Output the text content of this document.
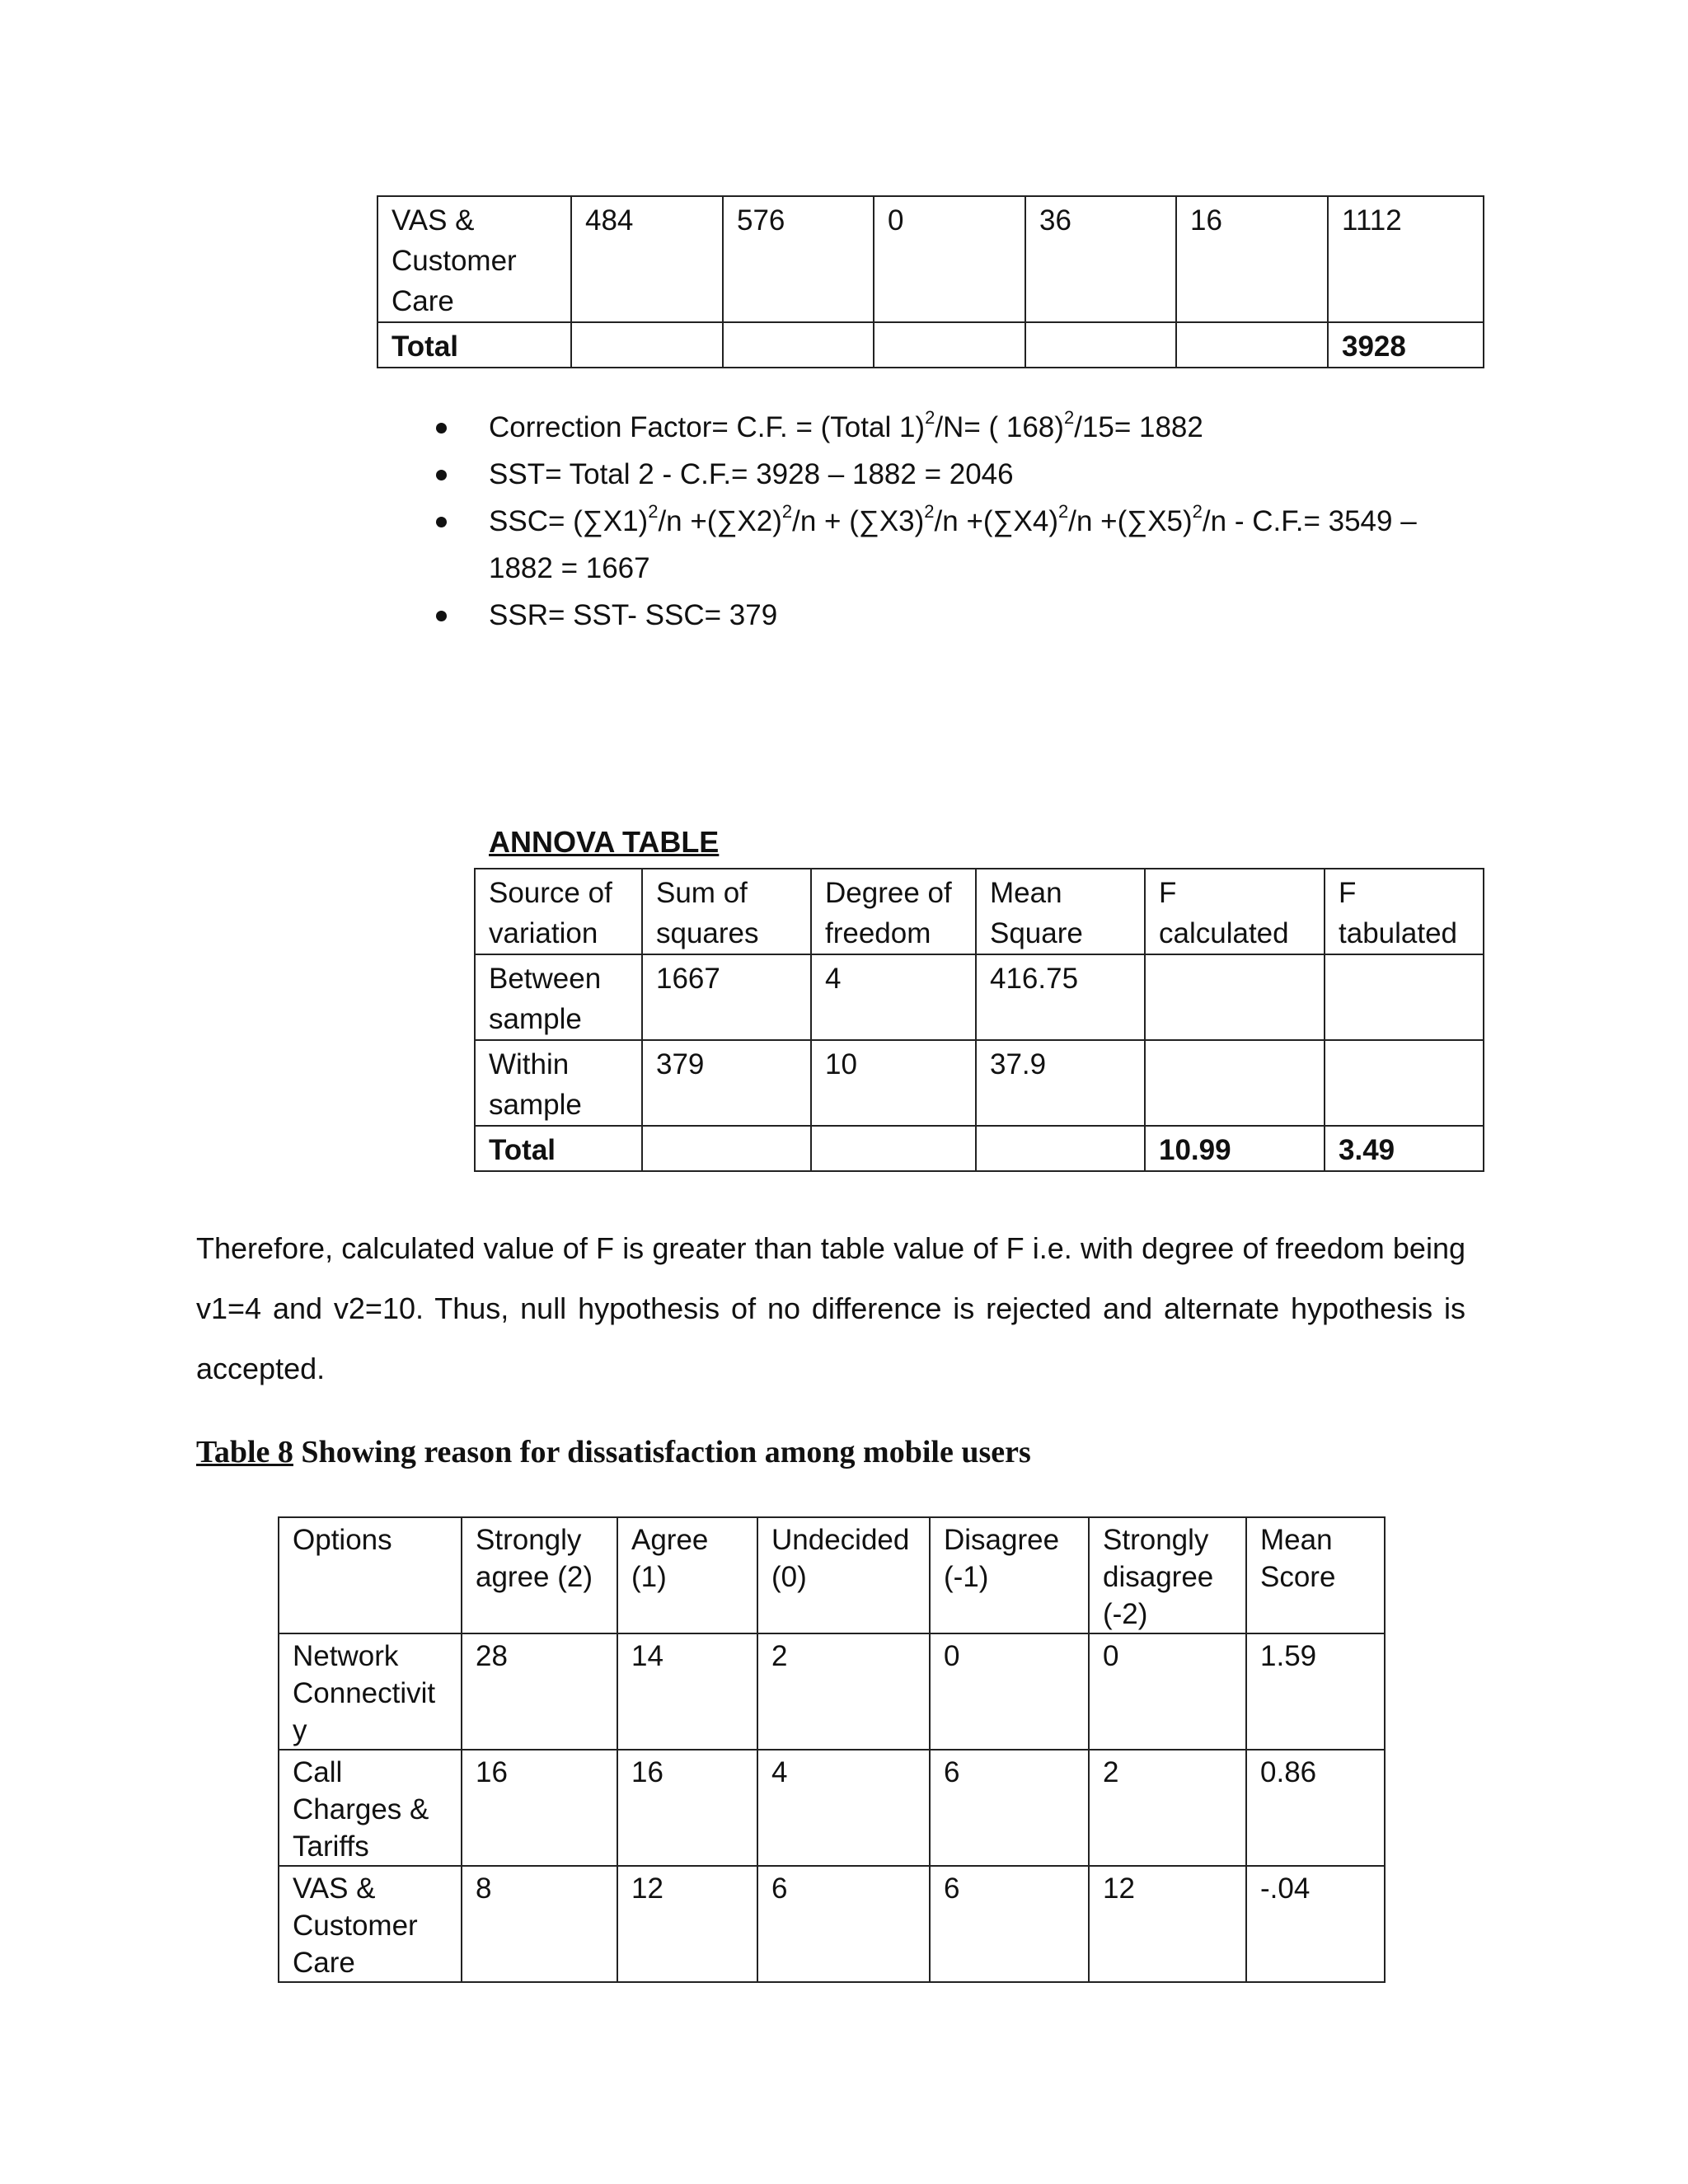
VAS & Customer Care	484	576	0	36	16	1112
Total						3928
Correction Factor= C.F. = (Total 1)$^2$/N= ( 168)$^2$/15= 1882
SST= Total 2 - C.F.= 3928 – 1882 = 2046
$SSC= (\sum X1)^2/n +(\sum X2)^2/n + (\sum X3)^2/n +(\sum X4)^2/n +(\sum X5)^2/n - C.F.= 3549 - 1882 = 1667$
SSR= SST- SSC= 379
ANNOVA TABLE
Source of variation	Sum of squares	Degree of freedom	Mean Square	F calculated	F tabulated
Between sample	1667	4	416.75		
Within sample	379	10	37.9		
Total				10.99	3.49
Therefore, calculated value of F is greater than table value of F i.e. with degree of freedom being v1=4 and v2=10. Thus, null hypothesis of no difference is rejected and alternate hypothesis is accepted.
Table 8 Showing reason for dissatisfaction among mobile users
Options	Strongly agree (2)	Agree (1)	Undecided (0)	Disagree (-1)	Strongly disagree (-2)	Mean Score
Network Connectivity	28	14	2	0	0	1.59
Call Charges & Tariffs	16	16	4	6	2	0.86
VAS & Customer Care	8	12	6	6	12	-.04
